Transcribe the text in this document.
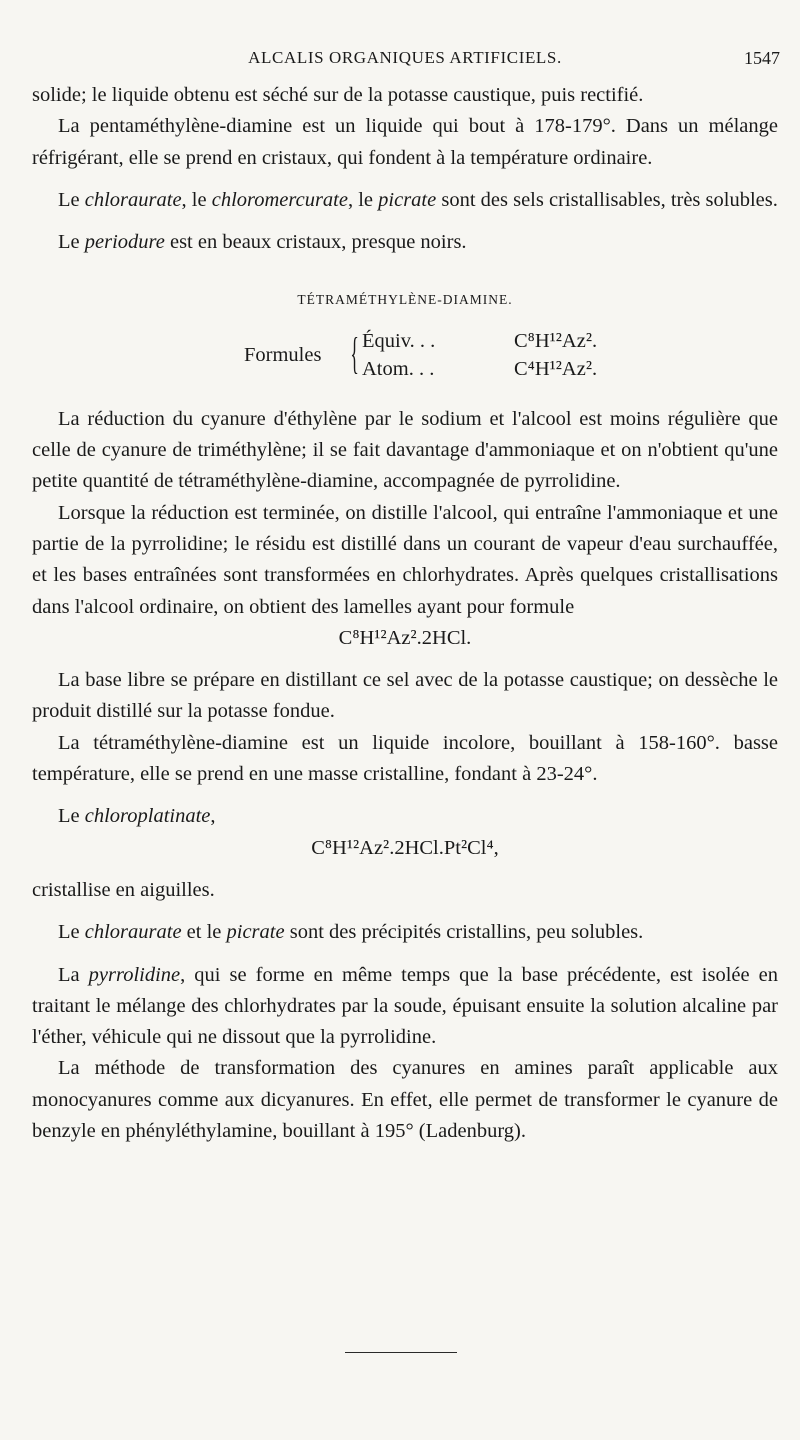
ALCALIS ORGANIQUES ARTIFICIELS.	1547

solide; le liquide obtenu est séché sur de la potasse caustique, puis rectifié.

La pentaméthylène-diamine est un liquide qui bout à 178-179°. Dans un mélange réfrigérant, elle se prend en cristaux, qui fondent à la température ordinaire.

Le chloraurate, le chloromercurate, le picrate sont des sels cristallisables, très solubles.

Le periodure est en beaux cristaux, presque noirs.

TÉTRAMÉTHYLÈNE-DIAMINE.
Formules { Équiv. . .	C⁸H¹²Az².
Atom. . .	C⁴H¹²Az².

La réduction du cyanure d'éthylène par le sodium et l'alcool est moins régulière que celle de cyanure de triméthylène; il se fait davantage d'ammoniaque et on n'obtient qu'une petite quantité de tétraméthylène-diamine, accompagnée de pyrrolidine.

Lorsque la réduction est terminée, on distille l'alcool, qui entraîne l'ammoniaque et une partie de la pyrrolidine; le résidu est distillé dans un courant de vapeur d'eau surchauffée, et les bases entraînées sont transformées en chlorhydrates. Après quelques cristallisations dans l'alcool ordinaire, on obtient des lamelles ayant pour formule

C⁸H¹²Az².2HCl.

La base libre se prépare en distillant ce sel avec de la potasse caustique; on dessèche le produit distillé sur la potasse fondue.

La tétraméthylène-diamine est un liquide incolore, bouillant à 158-160°. basse température, elle se prend en une masse cristalline, fondant à 23-24°.

Le chloroplatinate,

C⁸H¹²Az².2HCl.Pt²Cl⁴,

cristallise en aiguilles.

Le chloraurate et le picrate sont des précipités cristallins, peu solubles.

La pyrrolidine, qui se forme en même temps que la base précédente, est isolée en traitant le mélange des chlorhydrates par la soude, épuisant ensuite la solution alcaline par l'éther, véhicule qui ne dissout que la pyrrolidine.

La méthode de transformation des cyanures en amines paraît applicable aux monocyanures comme aux dicyanures. En effet, elle permet de transformer le cyanure de benzyle en phényléthylamine, bouillant à 195° (Ladenburg).
